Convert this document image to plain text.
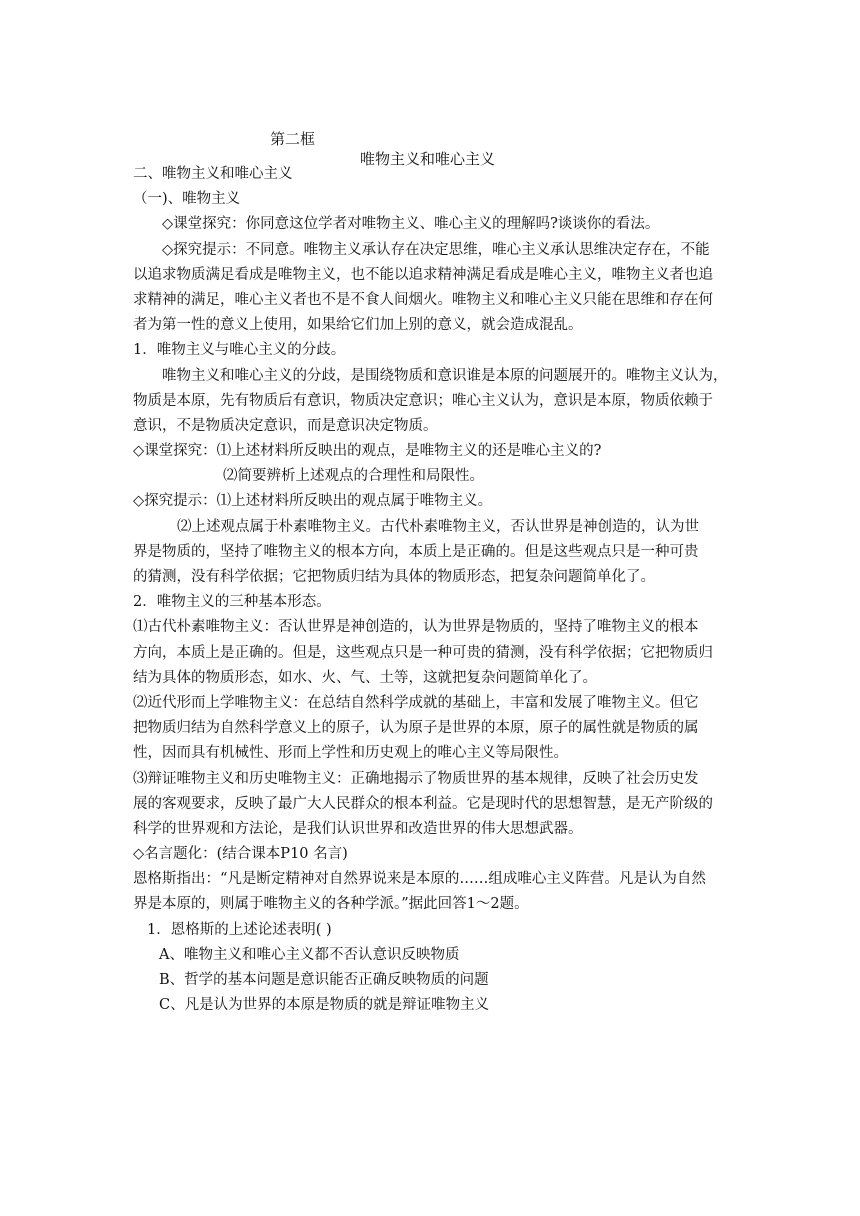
第二框

唯物主义和唯心主义

二、唯物主义和唯心主义
（一)、唯物主义
◇课堂探究：你同意这位学者对唯物主义、唯心主义的理解吗?谈谈你的看法。
◇探究提示：不同意。唯物主义承认存在决定思维，唯心主义承认思维决定存在，不能
以追求物质满足看成是唯物主义，也不能以追求精神满足看成是唯心主义，唯物主义者也追
求精神的满足，唯心主义者也不是不食人间烟火。唯物主义和唯心主义只能在思维和存在何
者为第一性的意义上使用，如果给它们加上别的意义，就会造成混乱。
1．唯物主义与唯心主义的分歧。
唯物主义和唯心主义的分歧，是围绕物质和意识谁是本原的问题展开的。唯物主义认为，
物质是本原，先有物质后有意识，物质决定意识；唯心主义认为，意识是本原，物质依赖于
意识，不是物质决定意识，而是意识决定物质。
◇课堂探究：⑴上述材料所反映出的观点，是唯物主义的还是唯心主义的?
⑵简要辨析上述观点的合理性和局限性。
◇探究提示：⑴上述材料所反映出的观点属于唯物主义。
⑵上述观点属于朴素唯物主义。古代朴素唯物主义，否认世界是神创造的，认为世
界是物质的，坚持了唯物主义的根本方向，本质上是正确的。但是这些观点只是一种可贵
的猜测，没有科学依据；它把物质归结为具体的物质形态，把复杂问题简单化了。
2．唯物主义的三种基本形态。
⑴古代朴素唯物主义：否认世界是神创造的，认为世界是物质的，坚持了唯物主义的根本
方向，本质上是正确的。但是，这些观点只是一种可贵的猜测，没有科学依据；它把物质归
结为具体的物质形态，如水、火、气、土等，这就把复杂问题简单化了。
⑵近代形而上学唯物主义：在总结自然科学成就的基础上，丰富和发展了唯物主义。但它
把物质归结为自然科学意义上的原子，认为原子是世界的本原，原子的属性就是物质的属
性，因而具有机械性、形而上学性和历史观上的唯心主义等局限性。
⑶辩证唯物主义和历史唯物主义：正确地揭示了物质世界的基本规律，反映了社会历史发
展的客观要求，反映了最广大人民群众的根本利益。它是现时代的思想智慧，是无产阶级的
科学的世界观和方法论，是我们认识世界和改造世界的伟大思想武器。
◇名言题化：(结合课本P10 名言)
恩格斯指出：“凡是断定精神对自然界说来是本原的……组成唯心主义阵营。凡是认为自然
界是本原的，则属于唯物主义的各种学派。”据此回答1～2题。
1．恩格斯的上述论述表明( )
A、唯物主义和唯心主义都不否认意识反映物质
B、哲学的基本问题是意识能否正确反映物质的问题
C、凡是认为世界的本原是物质的就是辩证唯物主义
